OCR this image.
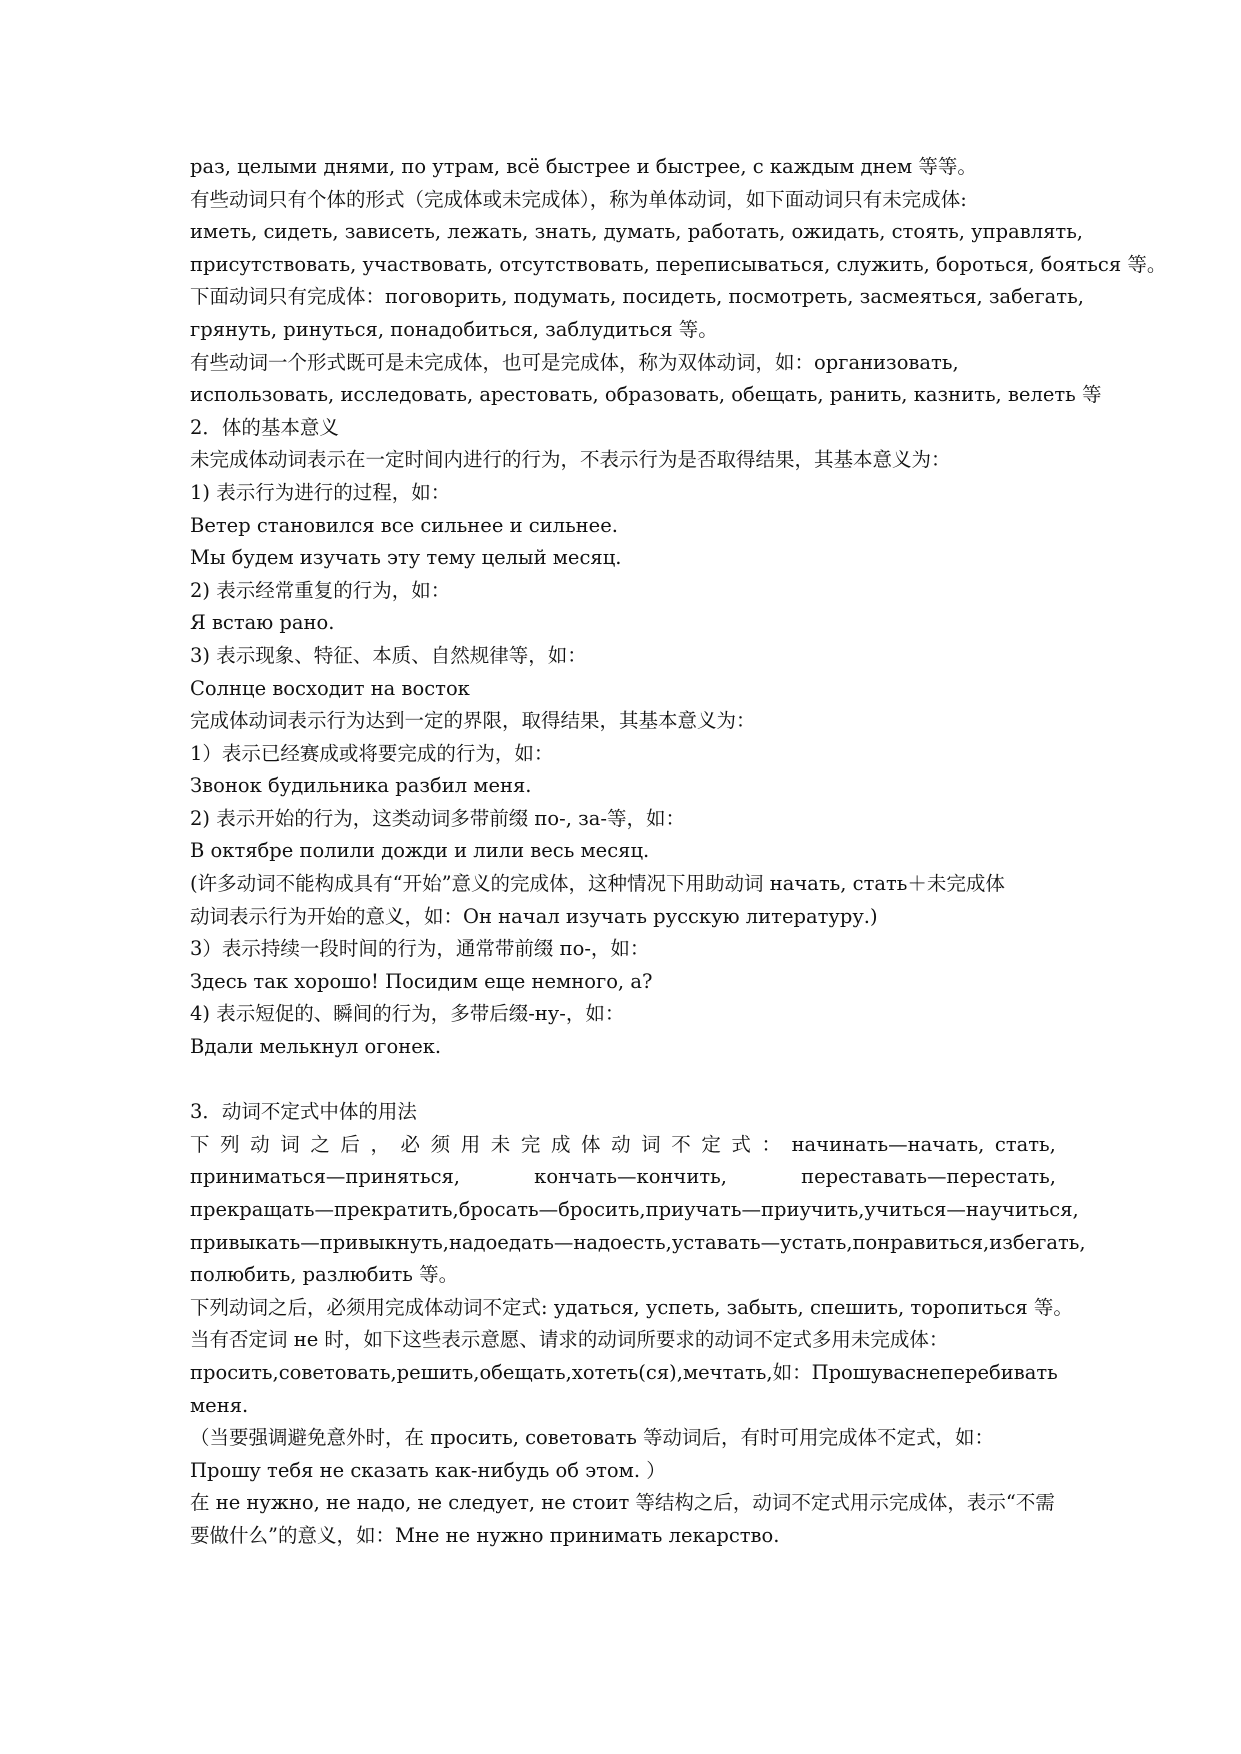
раз, целыми днями, по утрам, всё быстрее и быстрее, с каждым днем 等等。
有些动词只有个体的形式（完成体或未完成体），称为单体动词，如下面动词只有未完成体:
иметь, сидеть, зависеть, лежать, знать, думать, работать, ожидать, стоять, управлять,
присутствовать, участвовать, отсутствовать, переписываться, служить, бороться, бояться 等。
下面动词只有完成体：поговорить, подумать, посидеть, посмотреть, засмеяться, забегать,
грянуть, ринуться, понадобиться, заблудиться 等。
有些动词一个形式既可是未完成体，也可是完成体，称为双体动词，如：организовать,
использовать, исследовать, арестовать, образовать, обещать, ранить, казнить, велеть 等
2．体的基本意义
未完成体动词表示在一定时间内进行的行为，不表示行为是否取得结果，其基本意义为：
1) 表示行为进行的过程，如：
Ветер становился все сильнее и сильнее.
Мы будем изучать эту тему целый месяц.
2) 表示经常重复的行为，如：
Я встаю рано.
3) 表示现象、特征、本质、自然规律等，如：
Солнце восходит на восток
完成体动词表示行为达到一定的界限，取得结果，其基本意义为：
1）表示已经赛成或将要完成的行为，如：
Звонок будильника разбил меня.
2) 表示开始的行为，这类动词多带前缀 по-, за-等，如：
В октябре полили дожди и лили весь месяц.
(许多动词不能构成具有“开始”意义的完成体，这种情况下用助动词 начать, стать＋未完成体
动词表示行为开始的意义，如：Он начал изучать русскую литературу.)
3）表示持续一段时间的行为，通常带前缀 по-，如：
Здесь так хорошо! Посидим еще немного, а?
4) 表示短促的、瞬间的行为，多带后缀-ну-，如：
Вдали мелькнул огонек.
3．动词不定式中体的用法
下 列 动 词 之 后 ， 必 须 用 未 完 成 体 动 词 不 定 式 ： начинать—начать, стать,
приниматься—приняться,	кончать—кончить,	переставать—перестать,
прекращать—прекратить, бросать—бросить, приучать—приучить, учиться—научиться,
привыкать—привыкнуть, надоедать—надоесть, уставать—устать, понравиться, избегать,
полюбить, разлюбить 等。
下列动词之后，必须用完成体动词不定式: удаться, успеть, забыть, спешить, торопиться 等。
当有否定词 не 时，如下这些表示意愿、请求的动词所要求的动词不定式多用未完成体：
просить, советовать, решить, обещать, хотеть(ся), мечтать, 如：Прошу вас не перебивать
меня.
（当要强调避免意外时，在 просить, советовать 等动词后，有时可用完成体不定式，如：
Прошу тебя не сказать как-нибудь об этом. ）
在 не нужно, не надо, не следует, не стоит 等结构之后，动词不定式用示完成体，表示“不需
要做什么”的意义，如：Мне не нужно принимать лекарство.
